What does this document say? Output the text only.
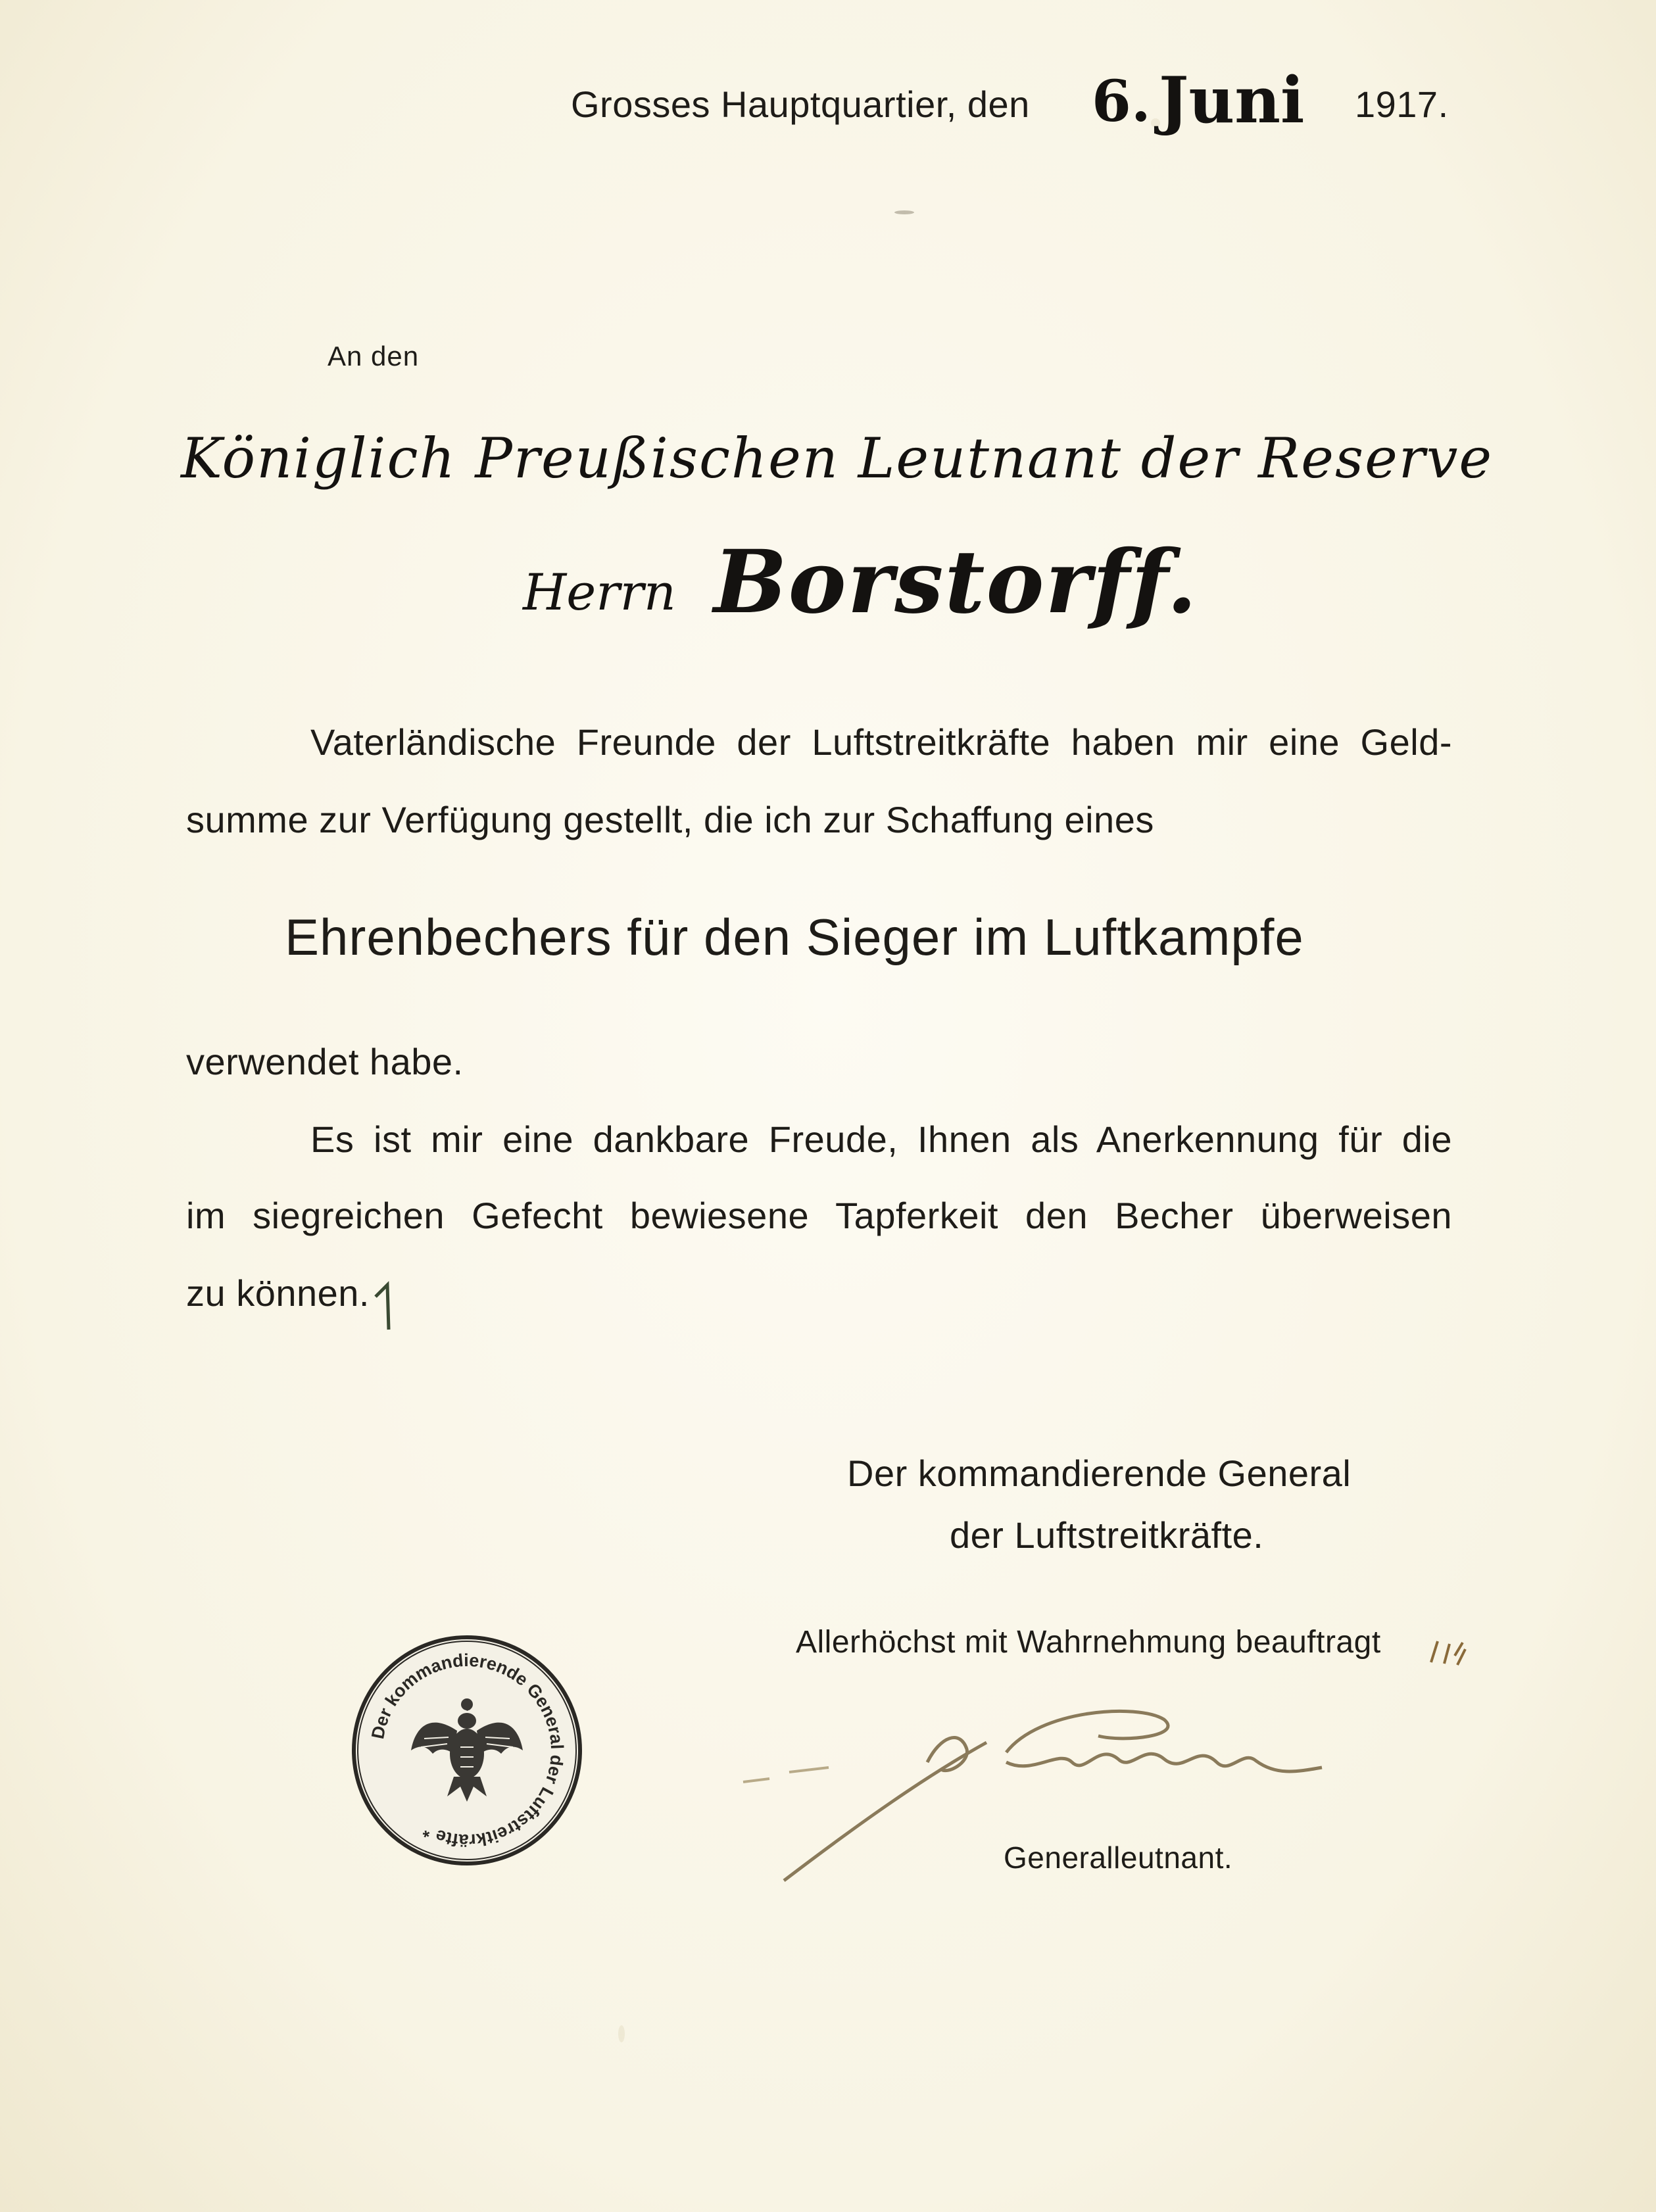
Grosses Hauptquartier, den 6. Juni 1917.
An den
Königlich Preußischen Leutnant der Reserve
Herrn Borstorff.
Vaterländische Freunde der Luftstreitkräfte haben mir eine Geld-
summe zur Verfügung gestellt, die ich zur Schaffung eines
Ehrenbechers für den Sieger im Luftkampfe
verwendet habe.
Es ist mir eine dankbare Freude, Ihnen als Anerkennung für die
im siegreichen Gefecht bewiesene Tapferkeit den Becher überweisen
zu können.
Der kommandierende General
der Luftstreitkräfte.
Allerhöchst mit Wahrnehmung beauftragt
Generalleutnant.
Der kommandierende General der Luftstreitkräfte *
